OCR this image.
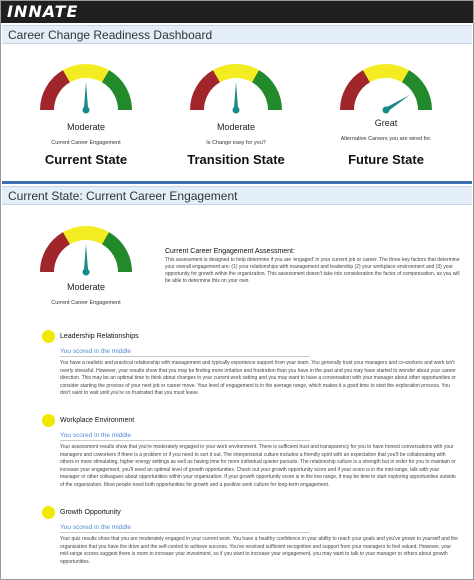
INNATE
Career Change Readiness Dashboard
Moderate
Current Career Engagement
Current State
Moderate
Is Change easy for you?
Transition State
Great
Alternative Careers you are wired for.
Future State
Current State: Current Career Engagement
Moderate
Current Career Engagement
Current Career Engagement Assessment:
This assessment is designed to help determine if you are 'engaged' in your current job or career. The three key factors that determine your overall engagement are: (1) your relationships with management and leadership (2) your workplace environment and (3) your opportunity for growth within the organization. This assessment doesn't take into consideration the factor of compensation, as you will be able to determine this on your own.
Leadership Relationships
You scored in the middle
You have a realistic and practical relationship with management and typically experience support from your team. You generally trust your managers and co-workers and work isn't overly stressful. However, your results show that you may be finding more irritation and frustration than you have in the past and you may have started to wonder about your career direction. This may be an optimal time to think about changes in your current work setting and you may want to have a conversation with your manager about other opportunities or consider starting the process of your next job or career move. Your level of engagement is in the average range, which makes it a good time to start the exploration process. You don't want to wait until you're so frustrated that you must leave.
Workplace Environment
You scored in the middle
Your assessment results show that you're moderately engaged in your work environment. There is sufficient trust and transparency for you to have honest conversations with your managers and coworkers if there is a problem or if you need to sort it out. The interpersonal culture includes a friendly spirit with an expectation that you'll be collaborating with others in more stimulating, higher energy settings as well as having time for more individual quieter pursuits. The relationship culture is a strength but in order for you to maintain or increase your engagement, you'll need an optimal level of growth opportunities. Check out your growth opportunity score and if your score is in the mid-range, talk with your manager or other colleagues about opportunities within your organization. If your growth opportunity score is in the low range, it may be time to start exploring opportunities outside of the organization. Most people need both opportunities for growth and a positive work culture for long-term engagement.
Growth Opportunity
You scored in the middle
Your quiz results show that you are moderately engaged in your current work. You have a healthy confidence in your ability to reach your goals and you've grown to yourself and the organization that you have the drive and the self-control to achieve success. You've received sufficient recognition and support from your managers to feel valued. However, your mid-range scores suggest there is room to increase your investment, so if you want to increase your engagement, you may want to talk to your manager or others about growth opportunities.
